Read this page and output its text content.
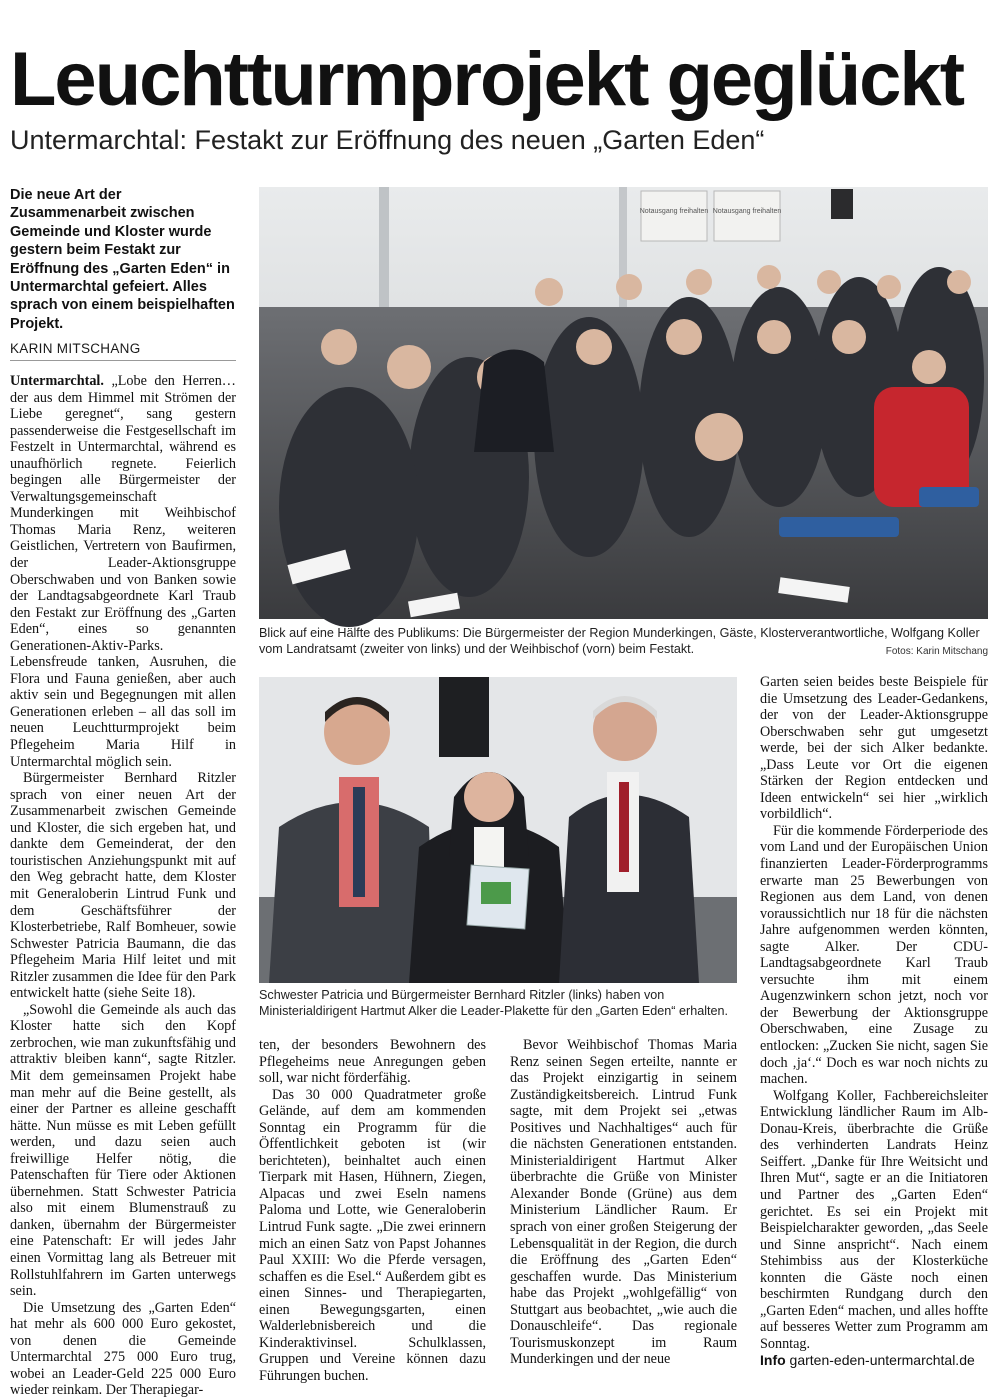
Leuchtturmprojekt geglückt
Untermarchtal: Festakt zur Eröffnung des neuen „Garten Eden“
Die neue Art der Zusammenarbeit zwischen Gemeinde und Kloster wurde gestern beim Festakt zur Eröffnung des „Garten Eden“ in Untermarchtal gefeiert. Alles sprach von einem beispielhaften Projekt.
KARIN MITSCHANG

Untermarchtal. „Lobe den Herren… der aus dem Himmel mit Strömen der Liebe geregnet“, sang gestern passenderweise die Festgesellschaft im Festzelt in Untermarchtal, während es unaufhörlich regnete. Feierlich begingen alle Bürgermeister der Verwaltungsgemeinschaft Munderkingen mit Weihbischof Thomas Maria Renz, weiteren Geistlichen, Vertretern von Baufirmen, der Leader-Aktionsgruppe Oberschwaben und von Banken sowie der Landtagsabgeordnete Karl Traub den Festakt zur Eröffnung des „Garten Eden“, eines so genannten Generationen-Aktiv-Parks. Lebensfreude tanken, Ausruhen, die Flora und Fauna genießen, aber auch aktiv sein und Begegnungen mit allen Generationen erleben – all das soll im neuen Leuchtturmprojekt beim Pflegeheim Maria Hilf in Untermarchtal möglich sein.

Bürgermeister Bernhard Ritzler sprach von einer neuen Art der Zusammenarbeit zwischen Gemeinde und Kloster, die sich ergeben hat, und dankte dem Gemeinderat, der den touristischen Anziehungspunkt mit auf den Weg gebracht hatte, dem Kloster mit Generaloberin Lintrud Funk und dem Geschäftsführer der Klosterbetriebe, Ralf Bomheuer, sowie Schwester Patricia Baumann, die das Pflegeheim Maria Hilf leitet und mit Ritzler zusammen die Idee für den Park entwickelt hatte (siehe Seite 18).

„Sowohl die Gemeinde als auch das Kloster hatte sich den Kopf zerbrochen, wie man zukunftsfähig und attraktiv bleiben kann“, sagte Ritzler. Mit dem gemeinsamen Projekt habe man mehr auf die Beine gestellt, als einer der Partner es alleine geschafft hätte. Nun müsse es mit Leben gefüllt werden, und dazu seien auch freiwillige Helfer nötig, die Patenschaften für Tiere oder Aktionen übernehmen. Statt Schwester Patricia also mit einem Blumenstrauß zu danken, übernahm der Bürgermeister eine Patenschaft: Er will jedes Jahr einen Vormittag lang als Betreuer mit Rollstuhlfahrern im Garten unterwegs sein.

Die Umsetzung des „Garten Eden“ hat mehr als 600 000 Euro gekostet, von denen die Gemeinde Untermarchtal 275 000 Euro trug, wobei an Leader-Geld 225 000 Euro wieder reinkam. Der Therapiegar-

Notausgang freihalten Notausgang freihalten
Blick auf eine Hälfte des Publikums: Die Bürgermeister der Region Munderkingen, Gäste, Klosterverantwortliche, Wolfgang Koller vom Landratsamt (zweiter von links) und der Weihbischof (vorn) beim Festakt.	Fotos: Karin Mitschang
Schwester Patricia und Bürgermeister Bernhard Ritzler (links) haben von Ministerialdirigent Hartmut Alker die Leader-Plakette für den „Garten Eden“ erhalten.

ten, der besonders Bewohnern des Pflegeheims neue Anregungen geben soll, war nicht förderfähig.

Das 30 000 Quadratmeter große Gelände, auf dem am kommenden Sonntag ein Programm für die Öffentlichkeit geboten ist (wir berichteten), beinhaltet auch einen Tierpark mit Hasen, Hühnern, Ziegen, Alpacas und zwei Eseln namens Paloma und Lotte, wie Generaloberin Lintrud Funk sagte. „Die zwei erinnern mich an einen Satz von Papst Johannes Paul XXIII: Wo die Pferde versagen, schaffen es die Esel.“ Außerdem gibt es einen Sinnes- und Therapiegarten, einen Bewegungsgarten, einen Walderlebnisbereich und die Kinderaktivinsel. Schulklassen, Gruppen und Vereine können dazu Führungen buchen.

Bevor Weihbischof Thomas Maria Renz seinen Segen erteilte, nannte er das Projekt einzigartig in seinem Zuständigkeitsbereich. Lintrud Funk sagte, mit dem Projekt sei „etwas Positives und Nachhaltiges“ auch für die nächsten Generationen entstanden. Ministerialdirigent Hartmut Alker überbrachte die Grüße von Minister Alexander Bonde (Grüne) aus dem Ministerium Ländlicher Raum. Er sprach von einer großen Steigerung der Lebensqualität in der Region, die durch die Eröffnung des „Garten Eden“ geschaffen wurde. Das Ministerium habe das Projekt „wohlgefällig“ von Stuttgart aus beobachtet, „wie auch die Donauschleife“. Das regionale Tourismuskonzept im Raum Munderkingen und der neue

Garten seien beides beste Beispiele für die Umsetzung des Leader-Gedankens, der von der Leader-Aktionsgruppe Oberschwaben sehr gut umgesetzt werde, bei der sich Alker bedankte. „Dass Leute vor Ort die eigenen Stärken der Region entdecken und Ideen entwickeln“ sei hier „wirklich vorbildlich“.

Für die kommende Förderperiode des vom Land und der Europäischen Union finanzierten Leader-Förderprogramms erwarte man 25 Bewerbungen von Regionen aus dem Land, von denen voraussichtlich nur 18 für die nächsten Jahre aufgenommen werden könnten, sagte Alker. Der CDU-Landtagsabgeordnete Karl Traub versuchte ihm mit einem Augenzwinkern schon jetzt, noch vor der Bewerbung der Aktionsgruppe Oberschwaben, eine Zusage zu entlocken: „Zucken Sie nicht, sagen Sie doch ‚ja‘.“ Doch es war noch nichts zu machen.

Wolfgang Koller, Fachbereichsleiter Entwicklung ländlicher Raum im Alb-Donau-Kreis, überbrachte die Grüße des verhinderten Landrats Heinz Seiffert. „Danke für Ihre Weitsicht und Ihren Mut“, sagte er an die Initiatoren und Partner des „Garten Eden“ gerichtet. Es sei ein Projekt mit Beispielcharakter geworden, „das Seele und Sinne anspricht“. Nach einem Stehimbiss aus der Klosterküche konnten die Gäste noch einen beschirmten Rundgang durch den „Garten Eden“ machen, und alles hoffte auf besseres Wetter zum Programm am Sonntag.

Info garten-eden-untermarchtal.de
